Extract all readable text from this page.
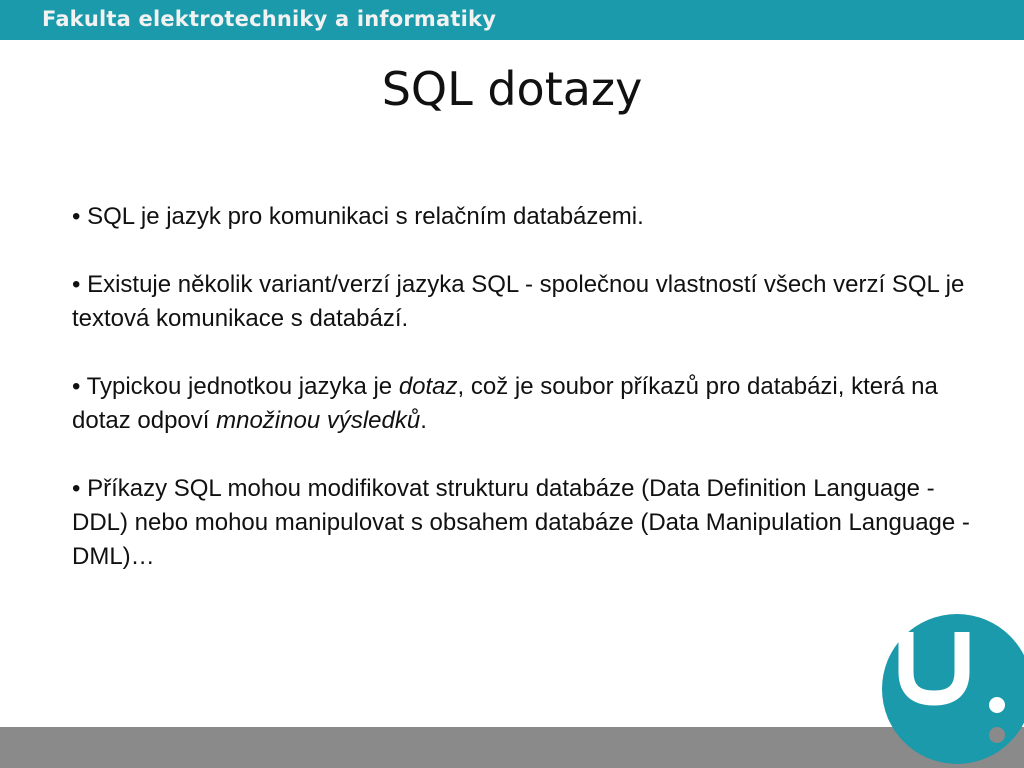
Fakulta elektrotechniky a informatiky
SQL dotazy

• SQL je jazyk pro komunikaci s relačním databázemi.

• Existuje několik variant/verzí jazyka SQL - společnou vlastností všech verzí SQL je textová komunikace s databází.

• Typickou jednotkou jazyka je dotaz, což je soubor příkazů pro databázi, která na dotaz odpoví množinou výsledků.

• Příkazy SQL mohou modifikovat strukturu databáze (Data Definition Language - DDL) nebo mohou manipulovat s obsahem databáze (Data Manipulation Language - DML)…
